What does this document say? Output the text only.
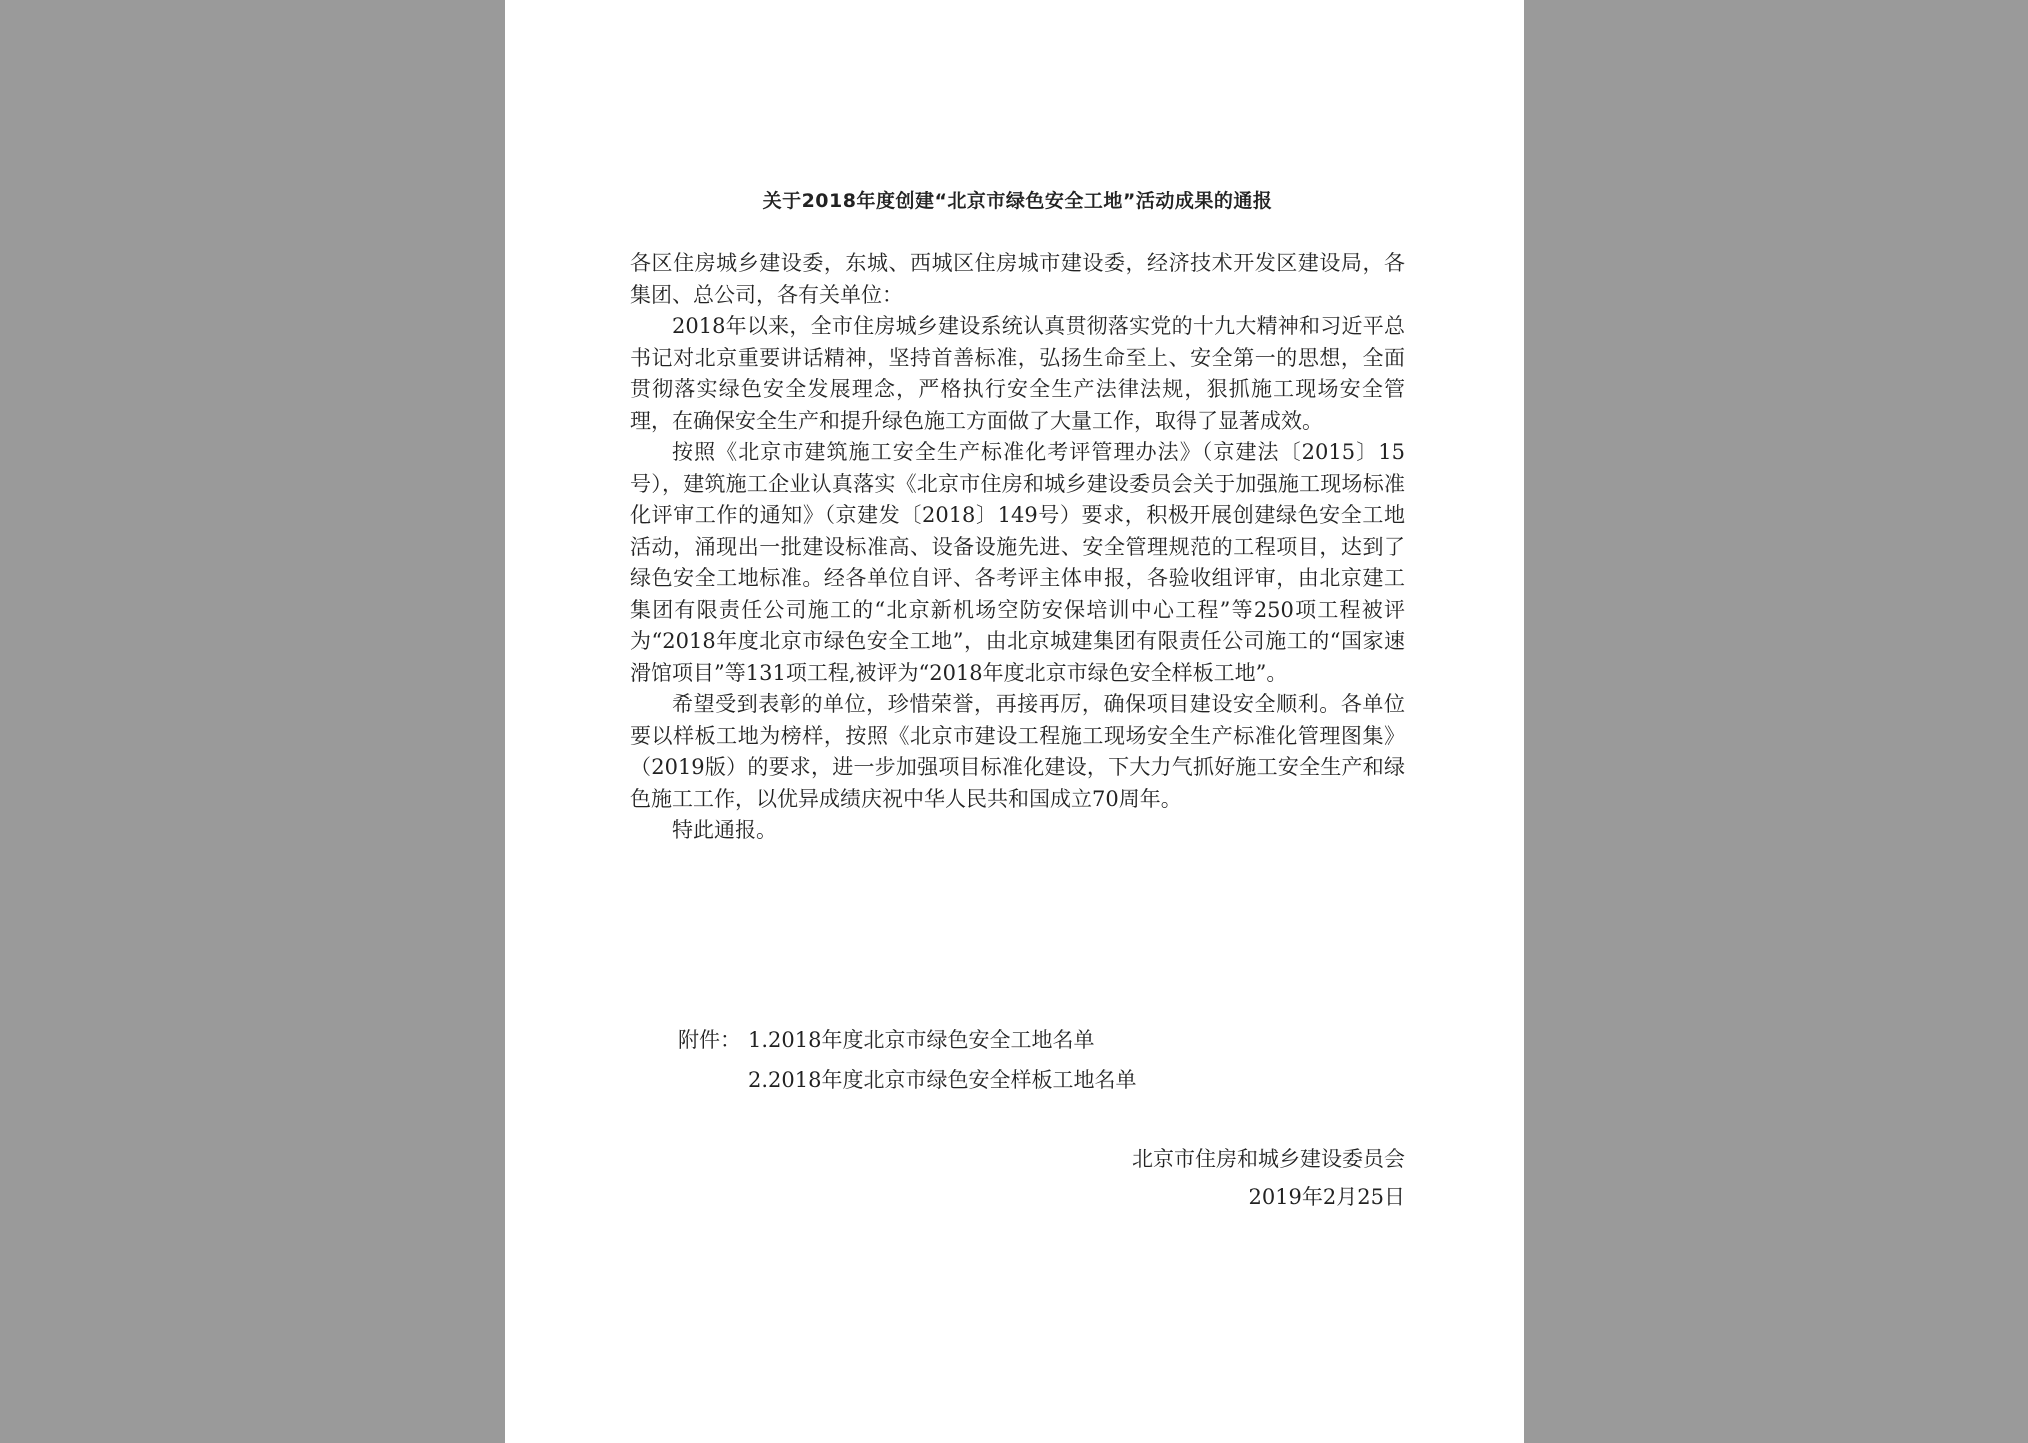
关于2018年度创建“北京市绿色安全工地”活动成果的通报

各区住房城乡建设委，东城、西城区住房城市建设委，经济技术开发区建设局，各集团、总公司，各有关单位：

2018年以来，全市住房城乡建设系统认真贯彻落实党的十九大精神和习近平总书记对北京重要讲话精神，坚持首善标准，弘扬生命至上、安全第一的思想，全面贯彻落实绿色安全发展理念，严格执行安全生产法律法规，狠抓施工现场安全管理，在确保安全生产和提升绿色施工方面做了大量工作，取得了显著成效。

按照《北京市建筑施工安全生产标准化考评管理办法》（京建法〔2015〕15号），建筑施工企业认真落实《北京市住房和城乡建设委员会关于加强施工现场标准化评审工作的通知》（京建发〔2018〕149号）要求，积极开展创建绿色安全工地活动，涌现出一批建设标准高、设备设施先进、安全管理规范的工程项目，达到了绿色安全工地标准。经各单位自评、各考评主体申报，各验收组评审，由北京建工集团有限责任公司施工的“北京新机场空防安保培训中心工程”等250项工程被评为“2018年度北京市绿色安全工地”，由北京城建集团有限责任公司施工的“国家速滑馆项目”等131项工程,被评为“2018年度北京市绿色安全样板工地”。

希望受到表彰的单位，珍惜荣誉，再接再厉，确保项目建设安全顺利。各单位要以样板工地为榜样，按照《北京市建设工程施工现场安全生产标准化管理图集》（2019版）的要求，进一步加强项目标准化建设，下大力气抓好施工安全生产和绿色施工工作，以优异成绩庆祝中华人民共和国成立70周年。

特此通报。

附件： 1.2018年度北京市绿色安全工地名单
2.2018年度北京市绿色安全样板工地名单
北京市住房和城乡建设委员会
2019年2月25日
